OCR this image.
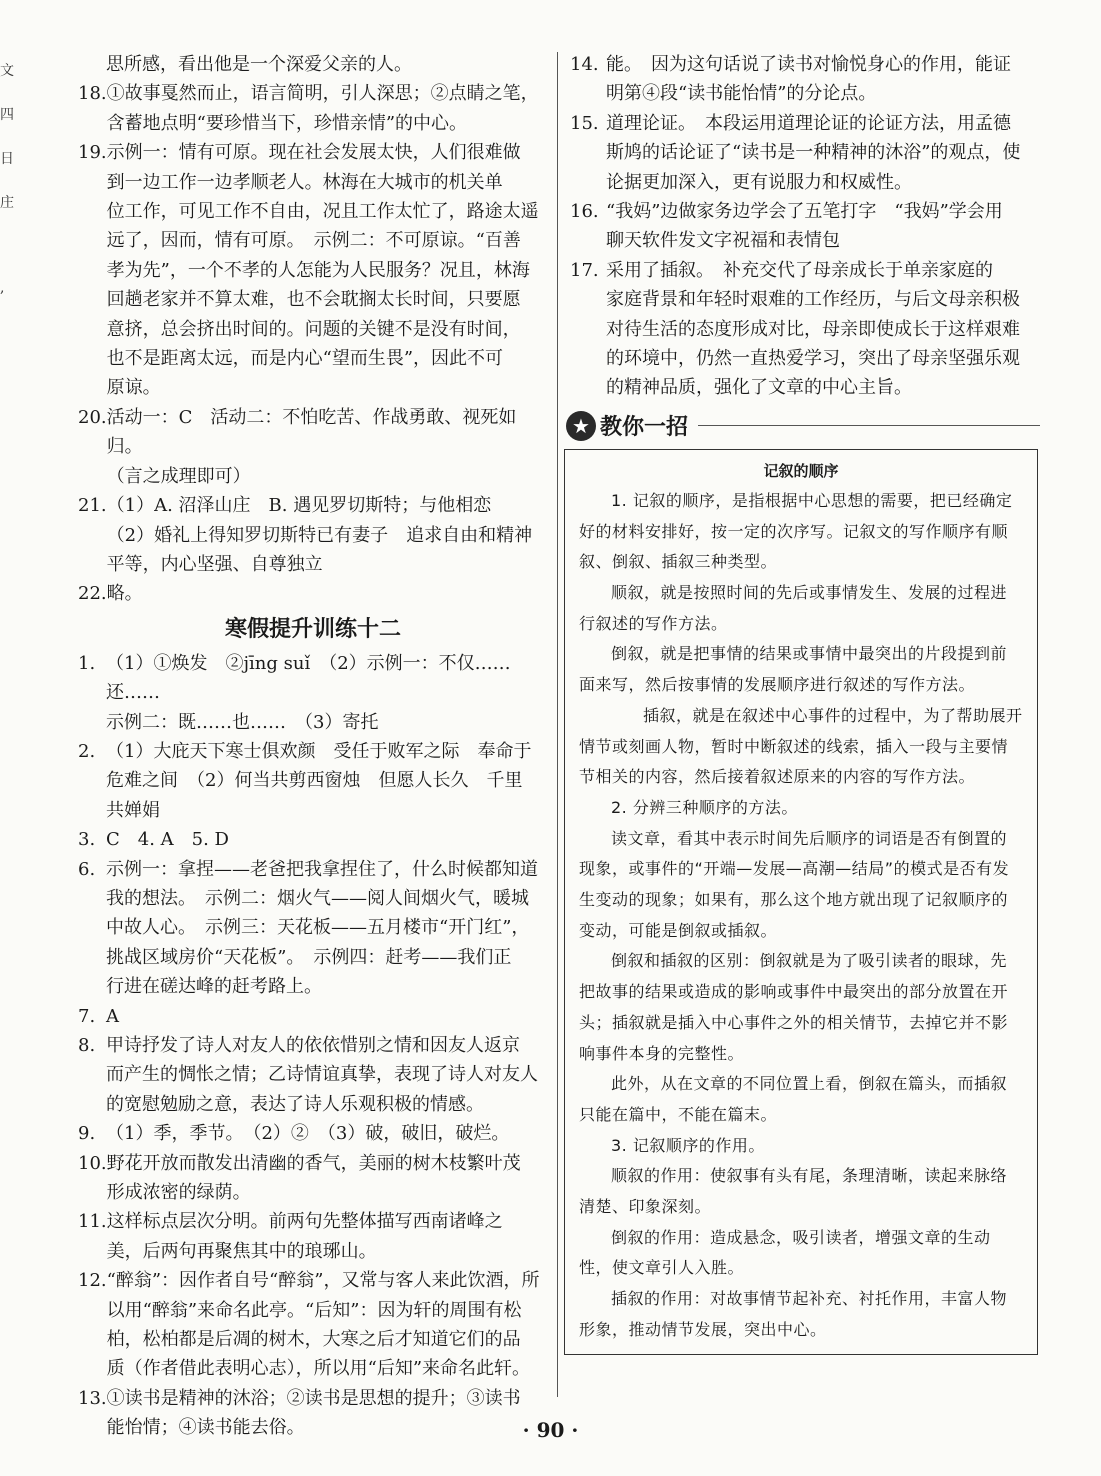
文
四
日
庄

,
思所感，看出他是一个深爱父亲的人。
18. ①故事戛然而止，语言简明，引人深思；②点睛之笔，
含蓄地点明“要珍惜当下，珍惜亲情”的中心。
19. 示例一：情有可原。现在社会发展太快，人们很难做
到一边工作一边孝顺老人。林海在大城市的机关单
位工作，可见工作不自由，况且工作太忙了，路途太遥
远了，因而，情有可原。　示例二：不可原谅。“百善
孝为先”，一个不孝的人怎能为人民服务？况且，林海
回趟老家并不算太难，也不会耽搁太长时间，只要愿
意挤，总会挤出时间的。问题的关键不是没有时间，
也不是距离太远，而是内心“望而生畏”，因此不可
原谅。
20. 活动一：C　活动二：不怕吃苦、作战勇敢、视死如归。
（言之成理即可）
21. （1）A. 沼泽山庄　B. 遇见罗切斯特；与他相恋
（2）婚礼上得知罗切斯特已有妻子　追求自由和精神
平等，内心坚强、自尊独立
22. 略。
寒假提升训练十二
1. （1）①焕发　②jīng suǐ　（2）示例一：不仅……还……
示例二：既……也……　（3）寄托
2. （1）大庇天下寒士俱欢颜　受任于败军之际　奉命于
危难之间　（2）何当共剪西窗烛　但愿人长久　千里
共婵娟
3. C　4. A　5. D
6. 示例一：拿捏——老爸把我拿捏住了，什么时候都知道
我的想法。　示例二：烟火气——阅人间烟火气，暖城
中故人心。　示例三：天花板——五月楼市“开门红”，
挑战区域房价“天花板”。　示例四：赶考——我们正
行进在磋达峰的赶考路上。
7. A
8. 甲诗抒发了诗人对友人的依依惜别之情和因友人返京
而产生的惆怅之情；乙诗情谊真挚，表现了诗人对友人
的宽慰勉励之意，表达了诗人乐观积极的情感。
9. （1）季，季节。　（2）②　（3）破，破旧，破烂。
10. 野花开放而散发出清幽的香气，美丽的树木枝繁叶茂
形成浓密的绿荫。
11. 这样标点层次分明。前两句先整体描写西南诸峰之
美，后两句再聚焦其中的琅琊山。
12. “醉翁”：因作者自号“醉翁”，又常与客人来此饮酒，所
以用“醉翁”来命名此亭。“后知”：因为轩的周围有松
柏，松柏都是后凋的树木，大寒之后才知道它们的品
质（作者借此表明心志），所以用“后知”来命名此轩。
13. ①读书是精神的沐浴；②读书是思想的提升；③读书
能怡情；④读书能去俗。
14. 能。　因为这句话说了读书对愉悦身心的作用，能证
明第④段“读书能怡情”的分论点。
15. 道理论证。　本段运用道理论证的论证方法，用孟德
斯鸠的话论证了“读书是一种精神的沐浴”的观点，使
论据更加深入，更有说服力和权威性。
16. “我妈”边做家务边学会了五笔打字　“我妈”学会用
聊天软件发文字祝福和表情包
17. 采用了插叙。　补充交代了母亲成长于单亲家庭的
家庭背景和年轻时艰难的工作经历，与后文母亲积极
对待生活的态度形成对比，母亲即使成长于这样艰难
的环境中，仍然一直热爱学习，突出了母亲坚强乐观
的精神品质，强化了文章的中心主旨。
★ 教你一招
记叙的顺序

1. 记叙的顺序，是指根据中心思想的需要，把已经确定好的材料安排好，按一定的次序写。记叙文的写作顺序有顺叙、倒叙、插叙三种类型。

顺叙，就是按照时间的先后或事情发生、发展的过程进行叙述的写作方法。

倒叙，就是把事情的结果或事情中最突出的片段提到前面来写，然后按事情的发展顺序进行叙述的写作方法。

插叙，就是在叙述中心事件的过程中，为了帮助展开情节或刻画人物，暂时中断叙述的线索，插入一段与主要情节相关的内容，然后接着叙述原来的内容的写作方法。

2. 分辨三种顺序的方法。

读文章，看其中表示时间先后顺序的词语是否有倒置的现象，或事件的“开端—发展—高潮—结局”的模式是否有发生变动的现象；如果有，那么这个地方就出现了记叙顺序的变动，可能是倒叙或插叙。

倒叙和插叙的区别：倒叙就是为了吸引读者的眼球，先把故事的结果或造成的影响或事件中最突出的部分放置在开头；插叙就是插入中心事件之外的相关情节，去掉它并不影响事件本身的完整性。

此外，从在文章的不同位置上看，倒叙在篇头，而插叙只能在篇中，不能在篇末。

3. 记叙顺序的作用。

顺叙的作用：使叙事有头有尾，条理清晰，读起来脉络清楚、印象深刻。

倒叙的作用：造成悬念，吸引读者，增强文章的生动性，使文章引人入胜。

插叙的作用：对故事情节起补充、衬托作用，丰富人物形象，推动情节发展，突出中心。

· 90 ·
